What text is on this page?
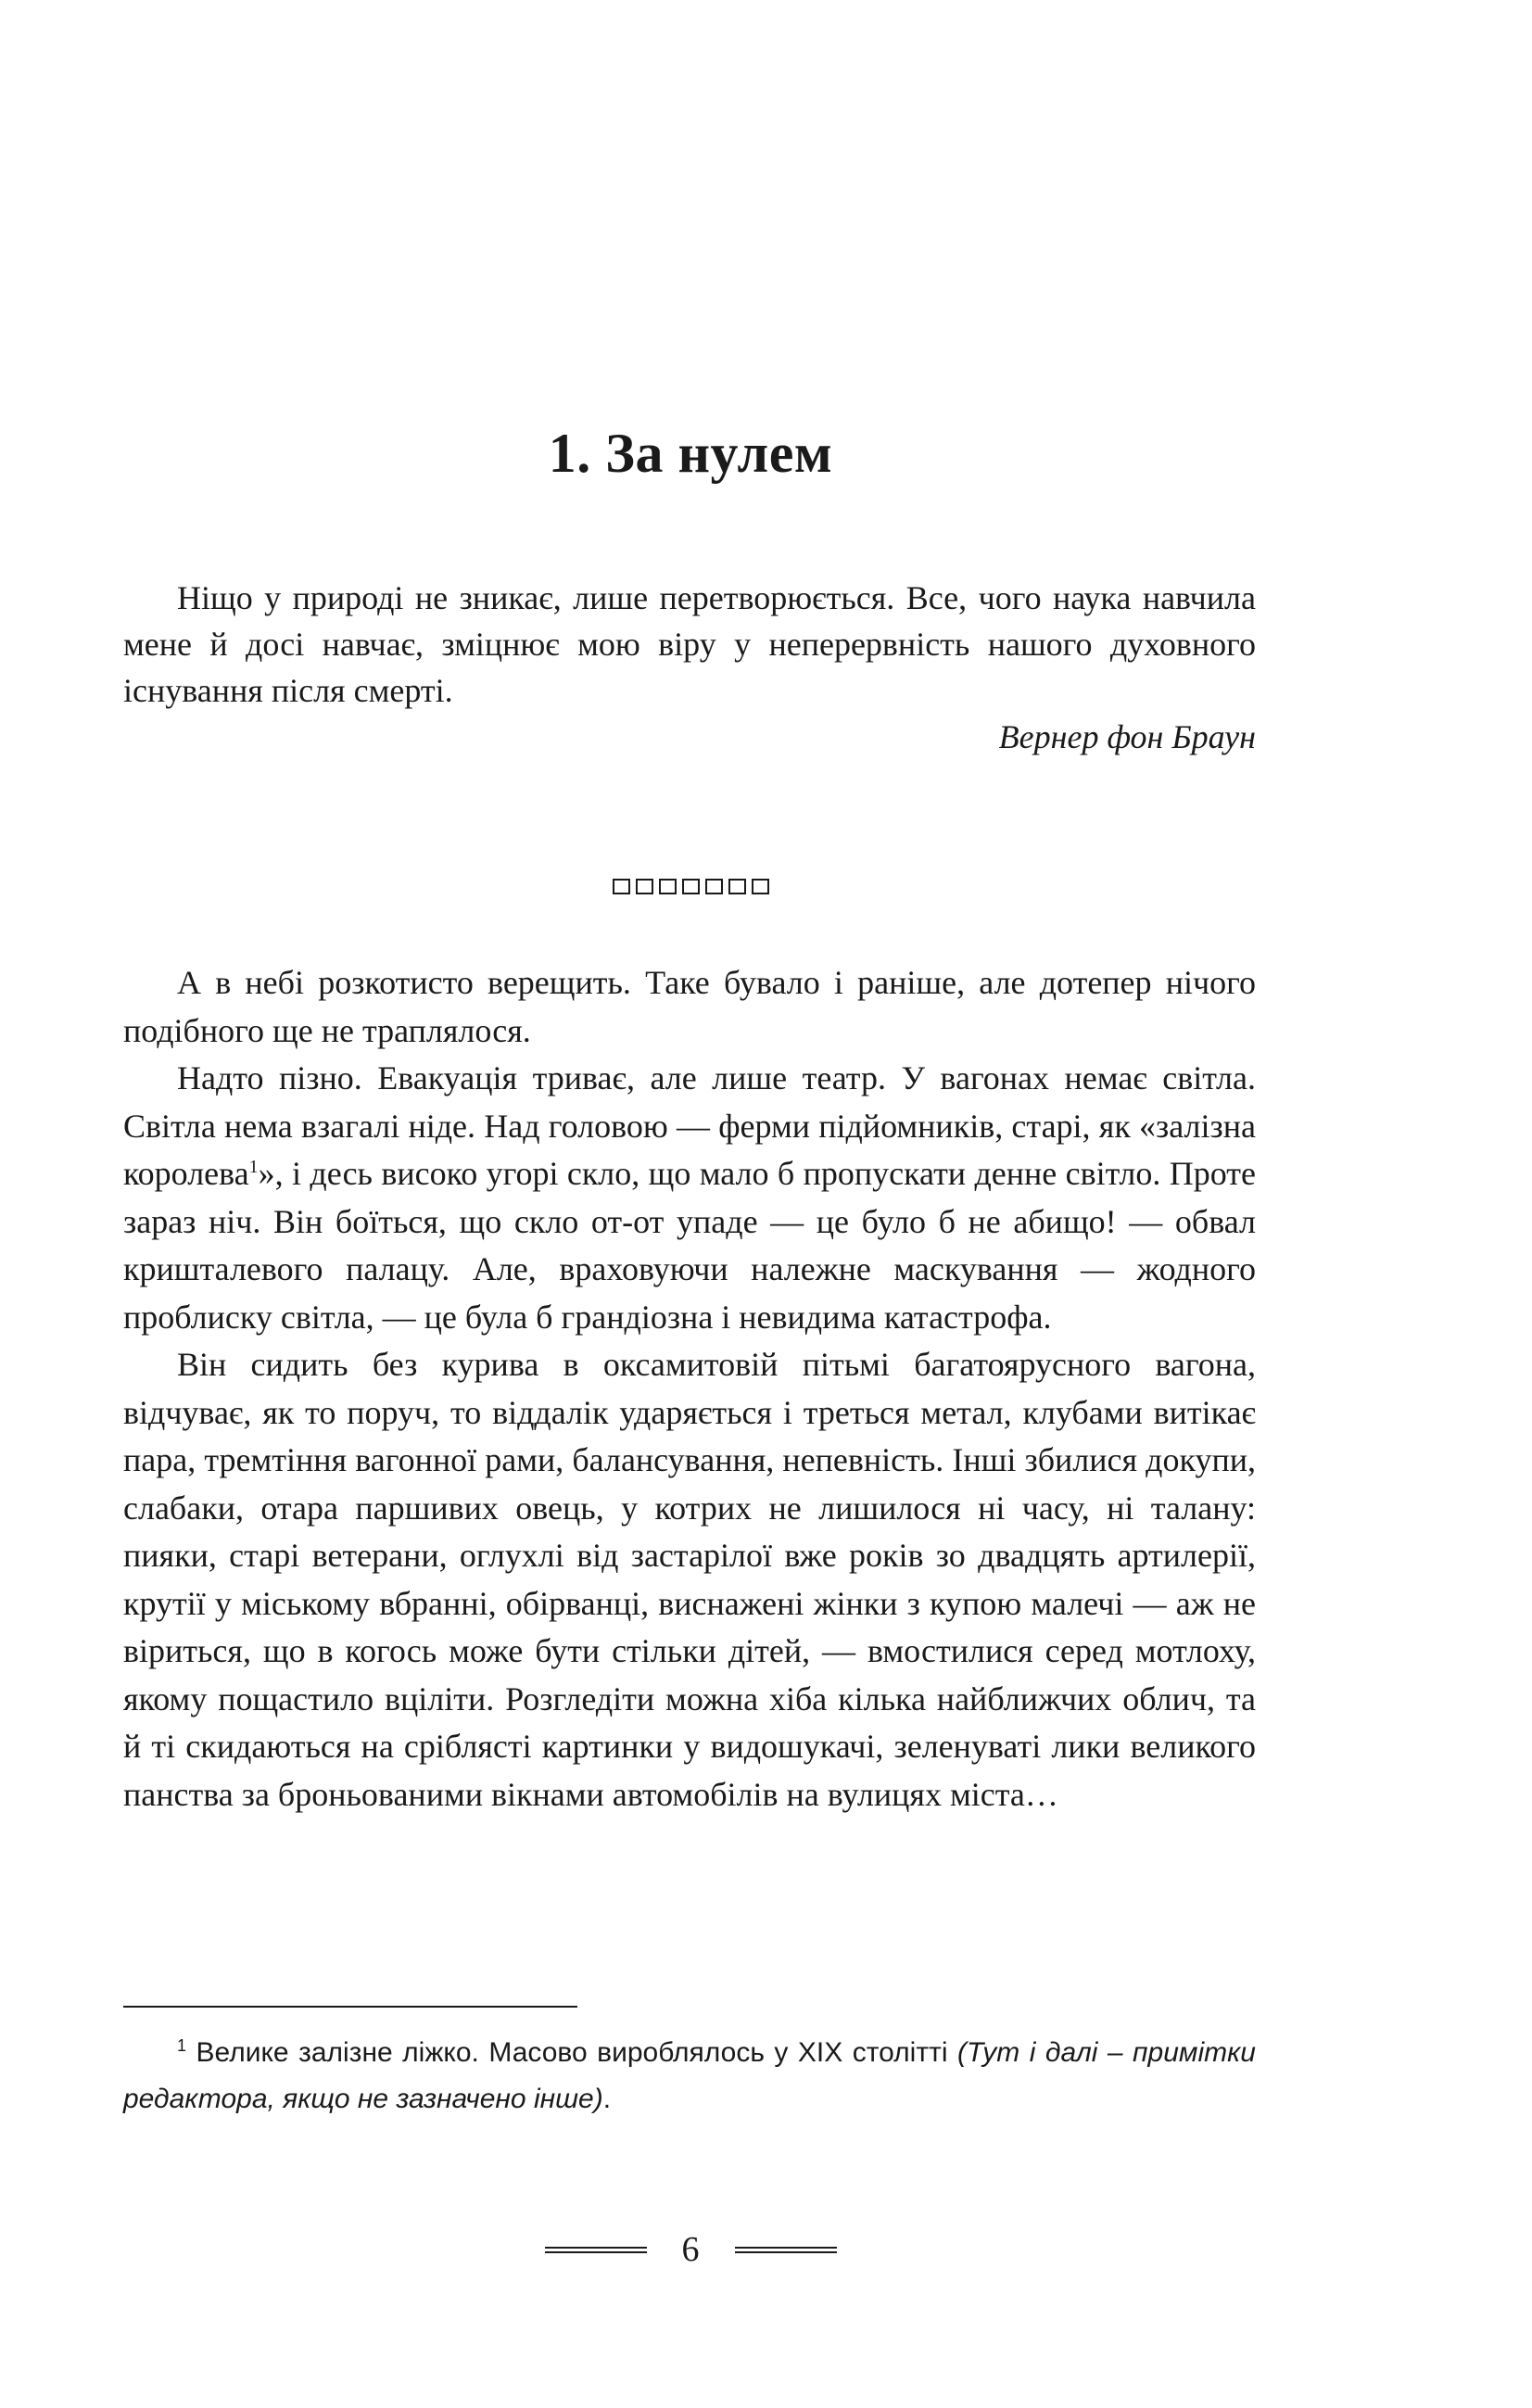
1. За нулем

Ніщо у природі не зникає, лише перетворюється. Все, чого наука навчила мене й досі навчає, зміцнює мою віру у неперервність нашого духовного існування після смерті.

Вернер фон Браун

А в небі розкотисто верещить. Таке бувало і раніше, але дотепер нічого подібного ще не траплялося.

Надто пізно. Евакуація триває, але лише театр. У вагонах немає світла. Світла нема взагалі ніде. Над головою — ферми підйомників, старі, як «залізна королева$^1$», і десь високо угорі скло, що мало б пропускати денне світло. Проте зараз ніч. Він боїться, що скло от-от упаде — це було б не абищо! — обвал кришталевого палацу. Але, враховуючи належне маскування — жодного проблиску світла, — це була б грандіозна і невидима катастрофа.

Він сидить без курива в оксамитовій пітьмі багатоярусного вагона, відчуває, як то поруч, то віддалік ударяється і треться метал, клубами витікає пара, тремтіння вагонної рами, балансування, непевність. Інші збилися докупи, слабаки, отара паршивих овець, у котрих не лишилося ні часу, ні талану: пияки, старі ветерани, оглухлі від застарілої вже років зо двадцять артилерії, крутії у міському вбранні, обірванці, виснажені жінки з купою малечі — аж не віриться, що в когось може бути стільки дітей, — вмостилися серед мотлоху, якому пощастило вціліти. Розгледіти можна хіба кілька найближчих облич, та й ті скидаються на сріблясті картинки у видошукачі, зеленуваті лики великого панства за броньованими вікнами автомобілів на вулицях міста…

$^1$ Велике залізне ліжко. Масово вироблялось у XIX столітті (Тут і далі – примітки редактора, якщо не зазначено інше).

6
